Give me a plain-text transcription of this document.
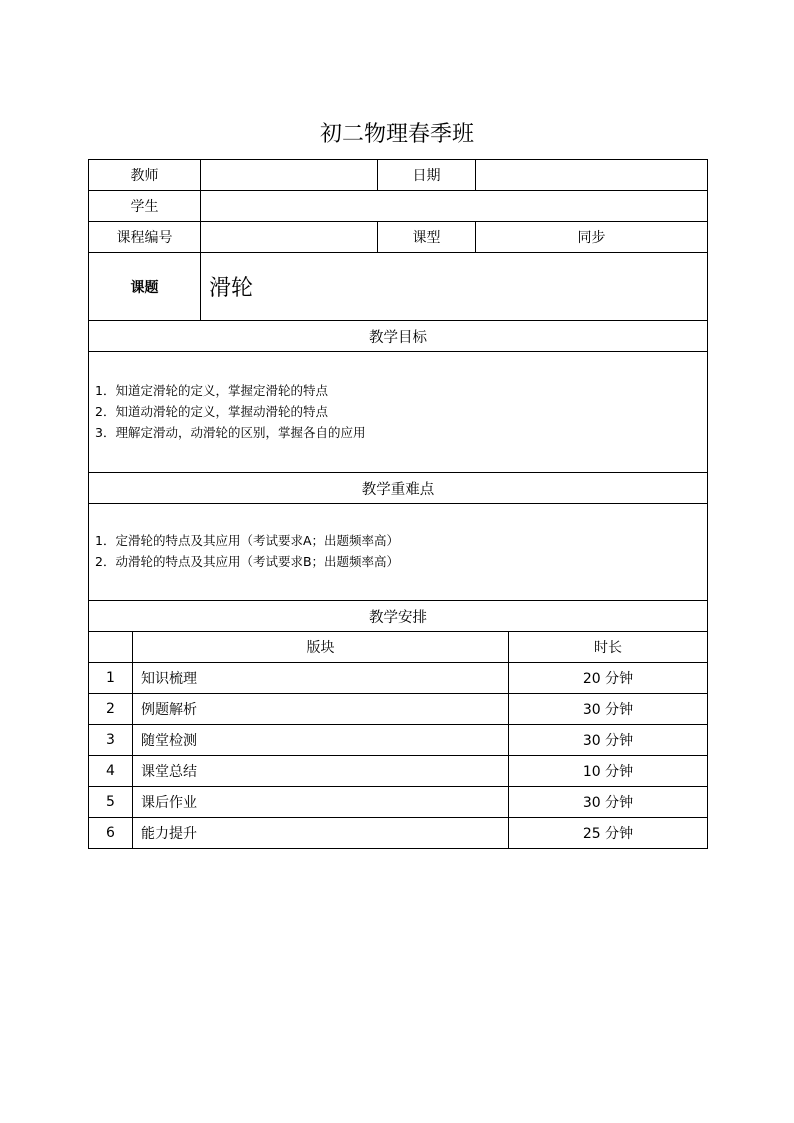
初二物理春季班
教师			日期		
学生					
课程编号			课型	同步	
课题		滑轮			
教学目标					

1．知道定滑轮的定义，掌握定滑轮的特点
2．知道动滑轮的定义，掌握动滑轮的特点
3．理解定滑动，动滑轮的区别，掌握各自的应用					

教学重难点					

1．定滑轮的特点及其应用（考试要求A；出题频率高）
2．动滑轮的特点及其应用（考试要求B；出题频率高）					

教学安排					
	版块				时长
1	知识梳理				20 分钟
2	例题解析				30 分钟
3	随堂检测				30 分钟
4	课堂总结				10 分钟
5	课后作业				30 分钟
6	能力提升				25 分钟
